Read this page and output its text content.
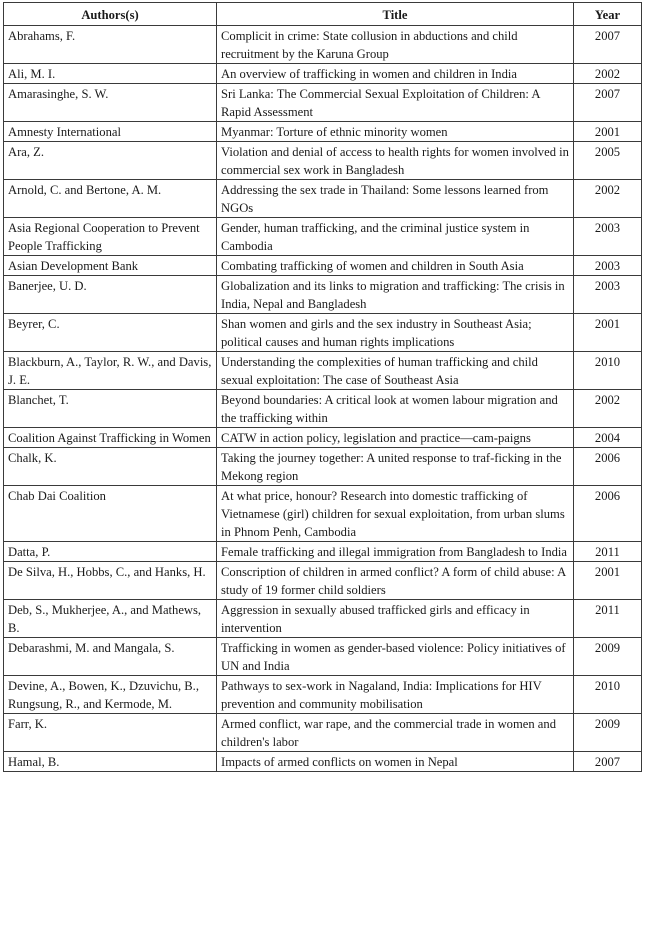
Authors(s)	Title	Year
Abrahams, F.	Complicit in crime: State collusion in abductions and child recruitment by the Karuna Group	2007
Ali, M. I.	An overview of trafficking in women and children in India	2002
Amarasinghe, S. W.	Sri Lanka: The Commercial Sexual Exploitation of Children: A Rapid Assessment	2007
Amnesty International	Myanmar: Torture of ethnic minority women	2001
Ara, Z.	Violation and denial of access to health rights for women involved in commercial sex work in Bangladesh	2005
Arnold, C. and Bertone, A. M.	Addressing the sex trade in Thailand: Some lessons learned from NGOs	2002
Asia Regional Cooperation to Prevent People Trafficking	Gender, human trafficking, and the criminal justice system in Cambodia	2003
Asian Development Bank	Combating trafficking of women and children in South Asia	2003
Banerjee, U. D.	Globalization and its links to migration and trafficking: The crisis in India, Nepal and Bangladesh	2003
Beyrer, C.	Shan women and girls and the sex industry in Southeast Asia; political causes and human rights implications	2001
Blackburn, A., Taylor, R. W., and Davis, J. E.	Understanding the complexities of human trafficking and child sexual exploitation: The case of Southeast Asia	2010
Blanchet, T.	Beyond boundaries: A critical look at women labour migration and the trafficking within	2002
Coalition Against Trafficking in Women	CATW in action policy, legislation and practice—cam-paigns	2004
Chalk, K.	Taking the journey together: A united response to traf-ficking in the Mekong region	2006
Chab Dai Coalition	At what price, honour? Research into domestic trafficking of Vietnamese (girl) children for sexual exploitation, from urban slums in Phnom Penh, Cambodia	2006
Datta, P.	Female trafficking and illegal immigration from Bangladesh to India	2011
De Silva, H., Hobbs, C., and Hanks, H.	Conscription of children in armed conflict? A form of child abuse: A study of 19 former child soldiers	2001
Deb, S., Mukherjee, A., and Mathews, B.	Aggression in sexually abused trafficked girls and efficacy in intervention	2011
Debarashmi, M. and Mangala, S.	Trafficking in women as gender-based violence: Policy initiatives of UN and India	2009
Devine, A., Bowen, K., Dzuvichu, B., Rungsung, R., and Kermode, M.	Pathways to sex-work in Nagaland, India: Implications for HIV prevention and community mobilisation	2010
Farr, K.	Armed conflict, war rape, and the commercial trade in women and children's labor	2009
Hamal, B.	Impacts of armed conflicts on women in Nepal	2007
